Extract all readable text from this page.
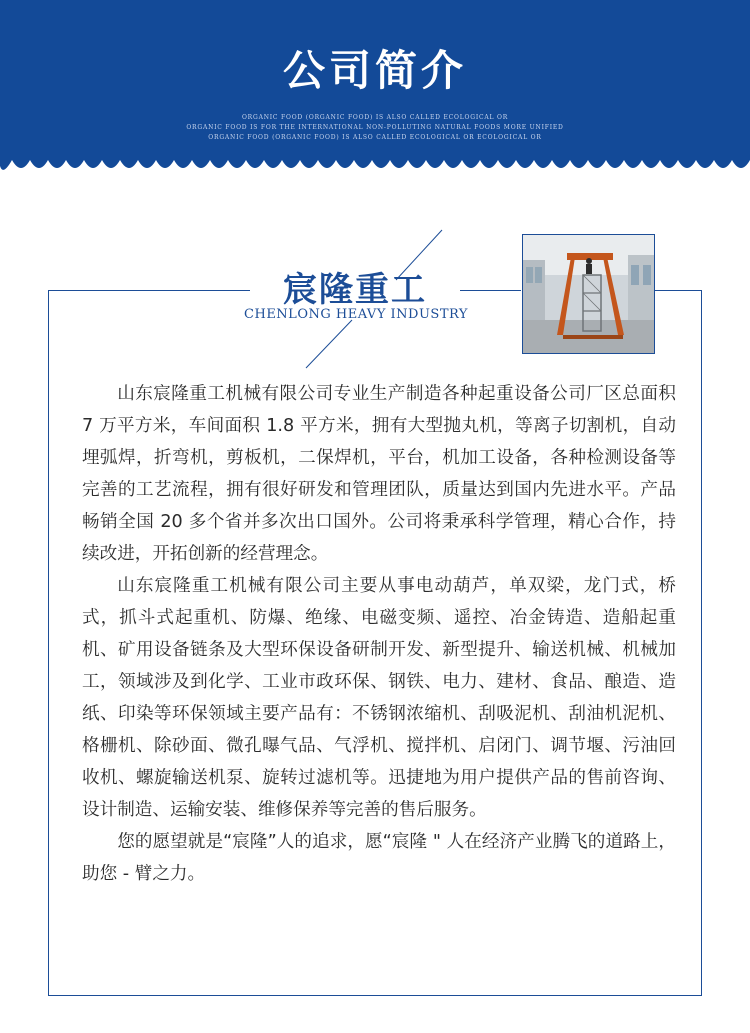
公司简介
ORGANIC FOOD (ORGANIC FOOD) IS ALSO CALLED ECOLOGICAL OR
ORGANIC FOOD IS FOR THE INTERNATIONAL NON-POLLUTING NATURAL FOODS MORE UNIFIED
ORGANIC FOOD (ORGANIC FOOD) IS ALSO CALLED ECOLOGICAL OR ECOLOGICAL OR
宸隆重工
CHENLONG HEAVY INDUSTRY

山东宸隆重工机械有限公司专业生产制造各种起重设备公司厂区总面积 7 万平方米，车间面积 1.8 平方米，拥有大型抛丸机，等离子切割机，自动埋弧焊，折弯机，剪板机，二保焊机，平台，机加工设备，各种检测设备等完善的工艺流程，拥有很好研发和管理团队，质量达到国内先进水平。产品畅销全国 20 多个省并多次出口国外。公司将秉承科学管理，精心合作，持续改进，开拓创新的经营理念。

山东宸隆重工机械有限公司主要从事电动葫芦，单双梁，龙门式，桥式，抓斗式起重机、防爆、绝缘、电磁变频、遥控、冶金铸造、造船起重机、矿用设备链条及大型环保设备研制开发、新型提升、输送机械、机械加工，领域涉及到化学、工业市政环保、钢铁、电力、建材、食品、酿造、造纸、印染等环保领域主要产品有：不锈钢浓缩机、刮吸泥机、刮油机泥机、格栅机、除砂面、微孔曝气品、气浮机、搅拌机、启闭门、调节堰、污油回收机、螺旋输送机泵、旋转过滤机等。迅捷地为用户提供产品的售前咨询、设计制造、运输安装、维修保养等完善的售后服务。

您的愿望就是“宸隆”人的追求，愿“宸隆 " 人在经济产业腾飞的道路上，助您 - 臂之力。
